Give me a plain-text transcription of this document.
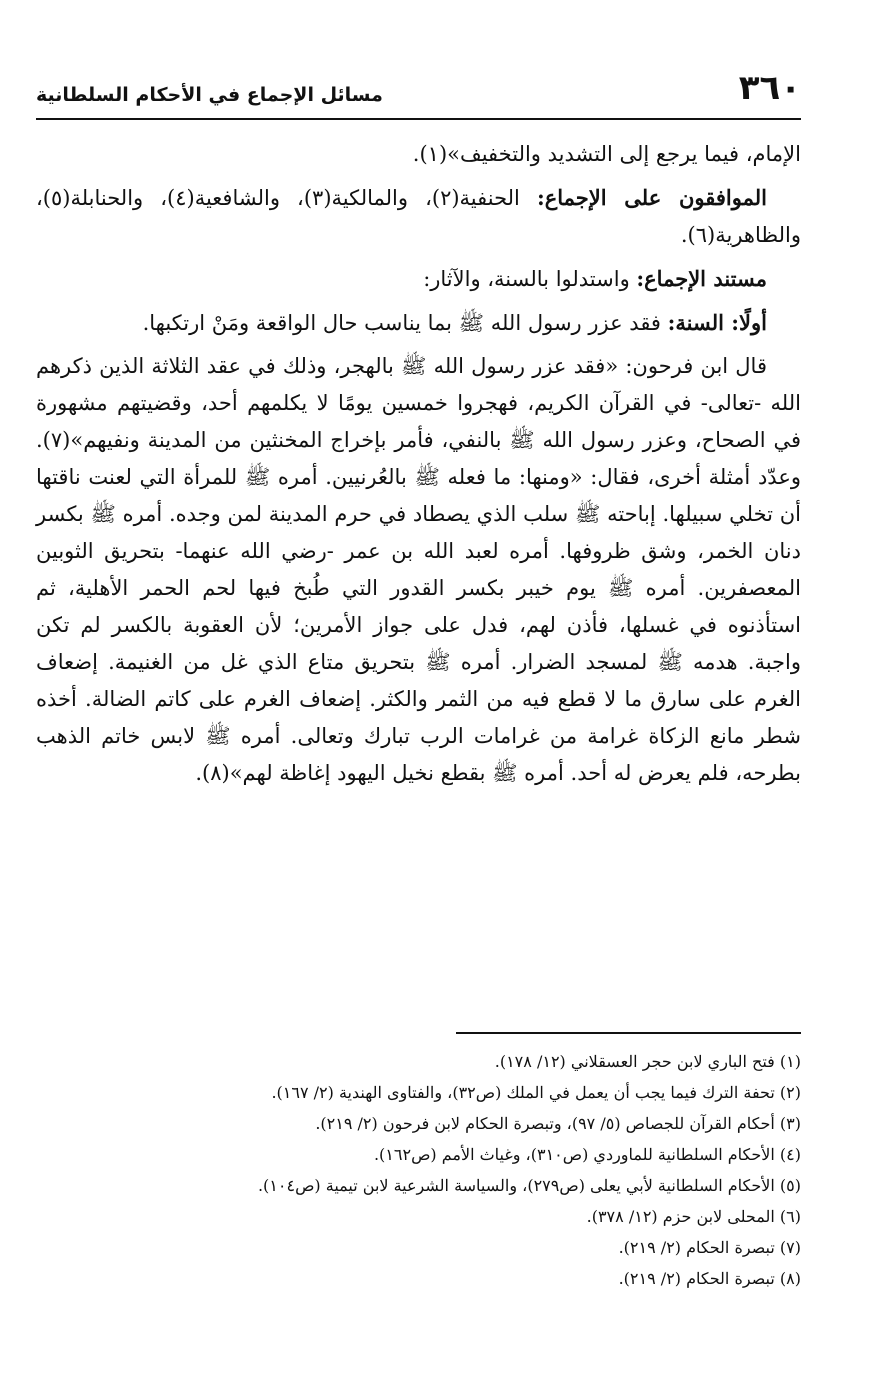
٣٦٠
مسائل الإجماع في الأحكام السلطانية

الإمام، فيما يرجع إلى التشديد والتخفيف»(١).

الموافقون على الإجماع: الحنفية(٢)، والمالكية(٣)، والشافعية(٤)، والحنابلة(٥)، والظاهرية(٦).

مستند الإجماع: واستدلوا بالسنة، والآثار:

أولًا: السنة: فقد عزر رسول الله ﷺ بما يناسب حال الواقعة ومَنْ ارتكبها.

قال ابن فرحون: «فقد عزر رسول الله ﷺ بالهجر، وذلك في عقد الثلاثة الذين ذكرهم الله -تعالى- في القرآن الكريم، فهجروا خمسين يومًا لا يكلمهم أحد، وقضيتهم مشهورة في الصحاح، وعزر رسول الله ﷺ بالنفي، فأمر بإخراج المخنثين من المدينة ونفيهم»(٧). وعدّد أمثلة أخرى، فقال: «ومنها: ما فعله ﷺ بالعُرنيين. أمره ﷺ للمرأة التي لعنت ناقتها أن تخلي سبيلها. إباحته ﷺ سلب الذي يصطاد في حرم المدينة لمن وجده. أمره ﷺ بكسر دنان الخمر، وشق ظروفها. أمره لعبد الله بن عمر -رضي الله عنهما- بتحريق الثوبين المعصفرين. أمره ﷺ يوم خيبر بكسر القدور التي طُبخ فيها لحم الحمر الأهلية، ثم استأذنوه في غسلها، فأذن لهم، فدل على جواز الأمرين؛ لأن العقوبة بالكسر لم تكن واجبة. هدمه ﷺ لمسجد الضرار. أمره ﷺ بتحريق متاع الذي غل من الغنيمة. إضعاف الغرم على سارق ما لا قطع فيه من الثمر والكثر. إضعاف الغرم على كاتم الضالة. أخذه شطر مانع الزكاة غرامة من غرامات الرب تبارك وتعالى. أمره ﷺ لابس خاتم الذهب بطرحه، فلم يعرض له أحد. أمره ﷺ بقطع نخيل اليهود إغاظة لهم»(٨).

(١) فتح الباري لابن حجر العسقلاني (١٢/ ١٧٨).
(٢) تحفة الترك فيما يجب أن يعمل في الملك (ص٣٢)، والفتاوى الهندية (٢/ ١٦٧).
(٣) أحكام القرآن للجصاص (٥/ ٩٧)، وتبصرة الحكام لابن فرحون (٢/ ٢١٩).
(٤) الأحكام السلطانية للماوردي (ص٣١٠)، وغياث الأمم (ص١٦٢).
(٥) الأحكام السلطانية لأبي يعلى (ص٢٧٩)، والسياسة الشرعية لابن تيمية (ص١٠٤).
(٦) المحلى لابن حزم (١٢/ ٣٧٨).
(٧) تبصرة الحكام (٢/ ٢١٩).
(٨) تبصرة الحكام (٢/ ٢١٩).
